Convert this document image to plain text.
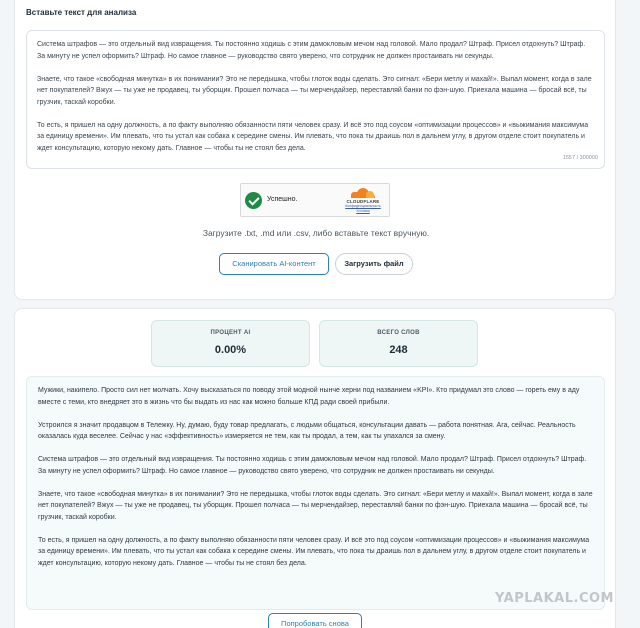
Вставьте текст для анализа

Система штрафов — это отдельный вид извращения. Ты постоянно ходишь с этим дамокловым мечом над головой. Мало продал? Штраф. Присел отдохнуть? Штраф. За минуту не успел оформить? Штраф. Но самое главное — руководство свято уверено, что сотрудник не должен простаивать ни секунды.

Знаете, что такое «свободная минутка» в их понимании? Это не передышка, чтобы глоток воды сделать. Это сигнал: «Бери метлу и махай!». Выпал момент, когда в зале нет покупателей? Вжух — ты уже не продавец, ты уборщик. Прошел полчаса — ты мерчендайзер, переставляй банки по фэн-шую. Приехала машина — бросай всё, ты грузчик, таскай коробки.

То есть, я пришел на одну должность, а по факту выполняю обязанности пяти человек сразу. И всё это под соусом «оптимизации процессов» и «выжимания максимума за единицу времени». Им плевать, что ты устал как собака к середине смены. Им плевать, что пока ты драишь пол в дальнем углу, в другом отделе стоит покупатель и ждет консультацию, которую некому дать. Главное — чтобы ты не стоял без дела.

1557 / 300000
Успешно.	CLOUDFLARE
Конфиденциальность
Условия
Загрузите .txt, .md или .csv, либо вставьте текст вручную.
Сканировать AI-контент	Загрузить файл
ПРОЦЕНТ AI
0.00%
ВСЕГО СЛОВ
248

Мужики, накипело. Просто сил нет молчать. Хочу высказаться по поводу этой модной нынче херни под названием «KPI». Кто придумал это слово — гореть ему в аду вместе с теми, кто внедряет это в жизнь что бы выдать из нас как можно больше КПД ради своей прибыли.

Устроился я значит продавцом в Тележку. Ну, думаю, буду товар предлагать, с людьми общаться, консультации давать — работа понятная. Ага, сейчас. Реальность оказалась куда веселее. Сейчас у нас «эффективность» измеряется не тем, как ты продал, а тем, как ты упахался за смену.

Система штрафов — это отдельный вид извращения. Ты постоянно ходишь с этим дамокловым мечом над головой. Мало продал? Штраф. Присел отдохнуть? Штраф. За минуту не успел оформить? Штраф. Но самое главное — руководство свято уверено, что сотрудник не должен простаивать ни секунды.

Знаете, что такое «свободная минутка» в их понимании? Это не передышка, чтобы глоток воды сделать. Это сигнал: «Бери метлу и махай!». Выпал момент, когда в зале нет покупателей? Вжух — ты уже не продавец, ты уборщик. Прошел полчаса — ты мерчендайзер, переставляй банки по фэн-шую. Приехала машина — бросай всё, ты грузчик, таскай коробки.

То есть, я пришел на одну должность, а по факту выполняю обязанности пяти человек сразу. И всё это под соусом «оптимизации процессов» и «выжимания максимума за единицу времени». Им плевать, что ты устал как собака к середине смены. Им плевать, что пока ты драишь пол в дальнем углу, в другом отделе стоит покупатель и ждет консультацию, которую некому дать. Главное — чтобы ты не стоял без дела.

Попробовать снова
YAPLAKAL.COM
